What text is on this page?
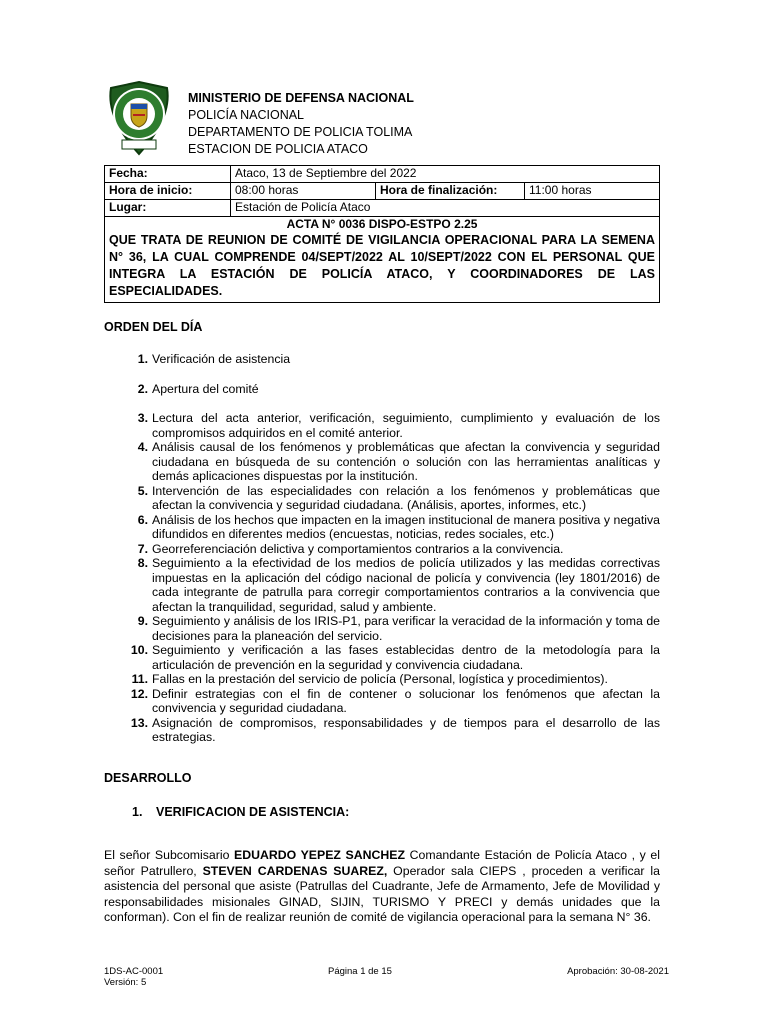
MINISTERIO DE DEFENSA NACIONAL
POLICÍA NACIONAL
DEPARTAMENTO DE POLICIA TOLIMA
ESTACION DE POLICIA ATACO
Fecha:	Ataco, 13 de Septiembre del 2022		
Hora de inicio:	08:00 horas	Hora de finalización:	11:00 horas
Lugar:	Estación de Policía Ataco		

ACTA N° 0036 DISPO-ESTPO 2.25
QUE TRATA DE REUNION DE COMITÉ DE VIGILANCIA OPERACIONAL PARA LA SEMENA N° 36, LA CUAL COMPRENDE 04/SEPT/2022 AL 10/SEPT/2022 CON EL PERSONAL QUE INTEGRA LA ESTACIÓN DE POLICÍA ATACO, Y COORDINADORES DE LAS ESPECIALIDADES.			
ORDEN DEL DÍA
1. Verificación de asistencia
2. Apertura del comité
3. Lectura del acta anterior, verificación, seguimiento, cumplimiento y evaluación de los compromisos adquiridos en el comité anterior.
4. Análisis causal de los fenómenos y problemáticas que afectan la convivencia y seguridad ciudadana en búsqueda de su contención o solución con las herramientas analíticas y demás aplicaciones dispuestas por la institución.
5. Intervención de las especialidades con relación a los fenómenos y problemáticas que afectan la convivencia y seguridad ciudadana. (Análisis, aportes, informes, etc.)
6. Análisis de los hechos que impacten en la imagen institucional de manera positiva y negativa difundidos en diferentes medios (encuestas, noticias, redes sociales, etc.)
7. Georreferenciación delictiva y comportamientos contrarios a la convivencia.
8. Seguimiento a la efectividad de los medios de policía utilizados y las medidas correctivas impuestas en la aplicación del código nacional de policía y convivencia (ley 1801/2016) de cada integrante de patrulla para corregir comportamientos contrarios a la convivencia que afectan la tranquilidad, seguridad, salud y ambiente.
9. Seguimiento y análisis de los IRIS-P1, para verificar la veracidad de la información y toma de decisiones para la planeación del servicio.
10. Seguimiento y verificación a las fases establecidas dentro de la metodología para la articulación de prevención en la seguridad y convivencia ciudadana.
11. Fallas en la prestación del servicio de policía (Personal, logística y procedimientos).
12. Definir estrategias con el fin de contener o solucionar los fenómenos que afectan la convivencia y seguridad ciudadana.
13. Asignación de compromisos, responsabilidades y de tiempos para el desarrollo de las estrategias.
DESARROLLO
1. VERIFICACION DE ASISTENCIA:
El señor Subcomisario EDUARDO YEPEZ SANCHEZ Comandante Estación de Policía Ataco , y el señor Patrullero, STEVEN CARDENAS SUAREZ, Operador sala CIEPS , proceden a verificar la asistencia del personal que asiste (Patrullas del Cuadrante, Jefe de Armamento, Jefe de Movilidad y responsabilidades misionales GINAD, SIJIN, TURISMO Y PRECI y demás unidades que la conforman). Con el fin de realizar reunión de comité de vigilancia operacional para la semana N° 36.
1DS-AC-0001
Versión: 5
Página 1 de 15	Aprobación: 30-08-2021
